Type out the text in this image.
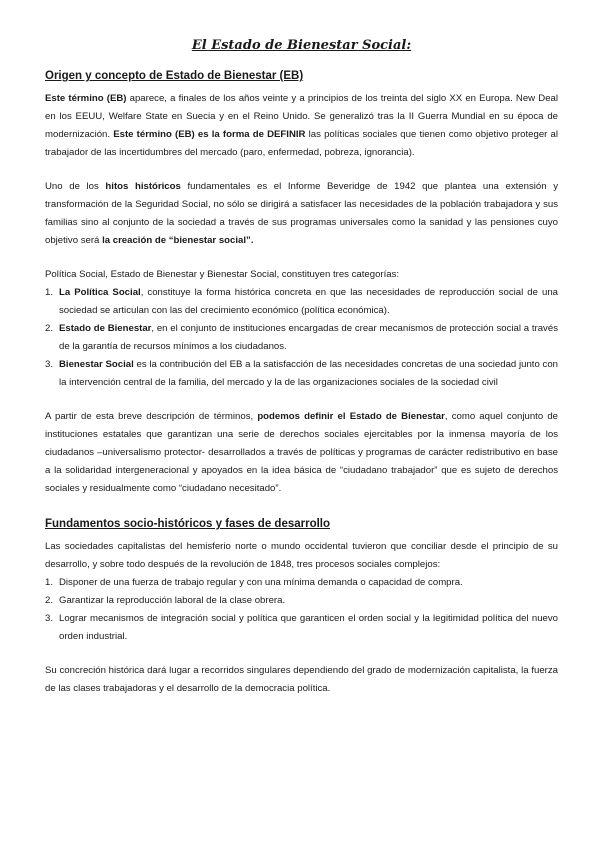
El Estado de Bienestar Social:
Origen y concepto de Estado de Bienestar (EB)

Este término (EB) aparece, a finales de los años veinte y a principios de los treinta del siglo XX en Europa. New Deal en los EEUU, Welfare State en Suecia y en el Reino Unido. Se generalizó tras la II Guerra Mundial en su época de modernización. Este término (EB) es la forma de DEFINIR las políticas sociales que tienen como objetivo proteger al trabajador de las incertidumbres del mercado (paro, enfermedad, pobreza, ignorancia).

Uno de los hitos históricos fundamentales es el Informe Beveridge de 1942 que plantea una extensión y transformación de la Seguridad Social, no sólo se dirigirá a satisfacer las necesidades de la población trabajadora y sus familias sino al conjunto de la sociedad a través de sus programas universales como la sanidad y las pensiones cuyo objetivo será la creación de “bienestar social”.

Política Social, Estado de Bienestar y Bienestar Social, constituyen tres categorías:

1. La Política Social, constituye la forma histórica concreta en que las necesidades de reproducción social de una sociedad se articulan con las del crecimiento económico (política económica).
2. Estado de Bienestar, en el conjunto de instituciones encargadas de crear mecanismos de protección social a través de la garantía de recursos mínimos a los ciudadanos.
3. Bienestar Social es la contribución del EB a la satisfacción de las necesidades concretas de una sociedad junto con la intervención central de la familia, del mercado y la de las organizaciones sociales de la sociedad civil

A partir de esta breve descripción de términos, podemos definir el Estado de Bienestar, como aquel conjunto de instituciones estatales que garantizan una serie de derechos sociales ejercitables por la inmensa mayoría de los ciudadanos –universalismo protector- desarrollados a través de políticas y programas de carácter redistributivo en base a la solidaridad intergeneracional y apoyados en la idea básica de “ciudadano trabajador” que es sujeto de derechos sociales y residualmente como “ciudadano necesitado”.

Fundamentos socio-históricos y fases de desarrollo

Las sociedades capitalistas del hemisferio norte o mundo occidental tuvieron que conciliar desde el principio de su desarrollo, y sobre todo después de la revolución de 1848, tres procesos sociales complejos:

1. Disponer de una fuerza de trabajo regular y con una mínima demanda o capacidad de compra.
2. Garantizar la reproducción laboral de la clase obrera.
3. Lograr mecanismos de integración social y política que garanticen el orden social y la legitimidad política del nuevo orden industrial.

Su concreción histórica dará lugar a recorridos singulares dependiendo del grado de modernización capitalista, la fuerza de las clases trabajadoras y el desarrollo de la democracia política.
